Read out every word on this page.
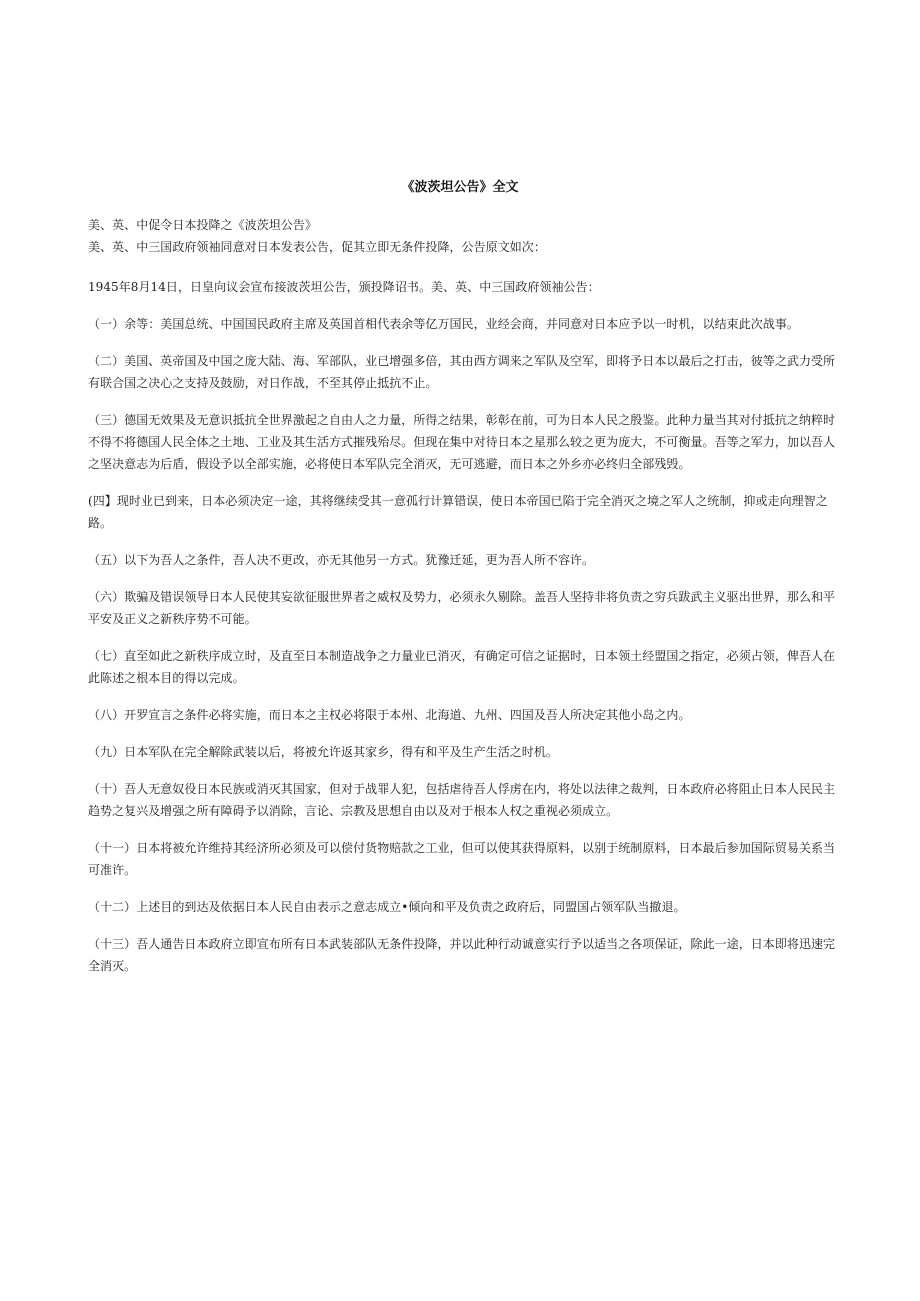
《波茨坦公告》全文

美、英、中促令日本投降之《波茨坦公告》

美、英、中三国政府领袖同意对日本发表公告，促其立即无条件投降，公告原文如次：

1945年8月14日，日皇向议会宣布接波茨坦公告，颁投降诏书。美、英、中三国政府领袖公告：

（一）余等：美国总统、中国国民政府主席及英国首相代表余等亿万国民，业经会商，并同意对日本应予以一时机，以结束此次战事。

（二）美国、英帝国及中国之庞大陆、海、军部队，业已增强多倍，其由西方调来之军队及空军，即将予日本以最后之打击，彼等之武力受所有联合国之决心之支持及鼓励，对日作战，不至其停止抵抗不止。

（三）德国无效果及无意识抵抗全世界激起之自由人之力量，所得之结果，彰彰在前，可为日本人民之殷鉴。此种力量当其对付抵抗之纳粹时不得不将德国人民全体之土地、工业及其生活方式摧残殆尽。但现在集中对待日本之星那么较之更为庞大，不可衡量。吾等之军力，加以吾人之坚决意志为后盾，假设予以全部实施，必将使日本军队完全消灭，无可逃避，而日本之外乡亦必终归全部残毁。

(四】现时业已到来，日本必须决定一途，其将继续受其一意孤行计算错误，使日本帝国已陷于完全消灭之境之军人之统制，抑或走向理智之路。

（五）以下为吾人之条件，吾人决不更改，亦无其他另一方式。犹豫迁延，更为吾人所不容许。

（六）欺骗及错误领导日本人民使其妄欲征服世界者之威权及势力，必须永久剔除。盖吾人坚持非将负责之穷兵跋武主义驱出世界，那么和平平安及正义之新秩序势不可能。

（七）直至如此之新秩序成立时，及直至日本制造战争之力量业已消灭，有确定可信之证据时，日本领土经盟国之指定，必须占领，俾吾人在此陈述之根本目的得以完成。

（八）开罗宣言之条件必将实施，而日本之主权必将限于本州、北海道、九州、四国及吾人所决定其他小岛之内。

（九）日本军队在完全解除武装以后，将被允许返其家乡，得有和平及生产生活之时机。

（十）吾人无意奴役日本民族或消灭其国家，但对于战罪人犯，包括虐待吾人俘虏在内，将处以法律之裁判，日本政府必将阻止日本人民民主趋势之复兴及增强之所有障碍予以消除，言论、宗教及思想自由以及对于根本人权之重视必须成立。

（十一）日本将被允许维持其经济所必须及可以偿付货物赔款之工业，但可以使其获得原料，以别于统制原料，日本最后参加国际贸易关系当可准许。

（十二）上述目的到达及依据日本人民自由表示之意志成立•倾向和平及负责之政府后，同盟国占领军队当撤退。

（十三）吾人通告日本政府立即宣布所有日本武装部队无条件投降，并以此种行动诚意实行予以适当之各项保证，除此一途，日本即将迅速完全消灭。
